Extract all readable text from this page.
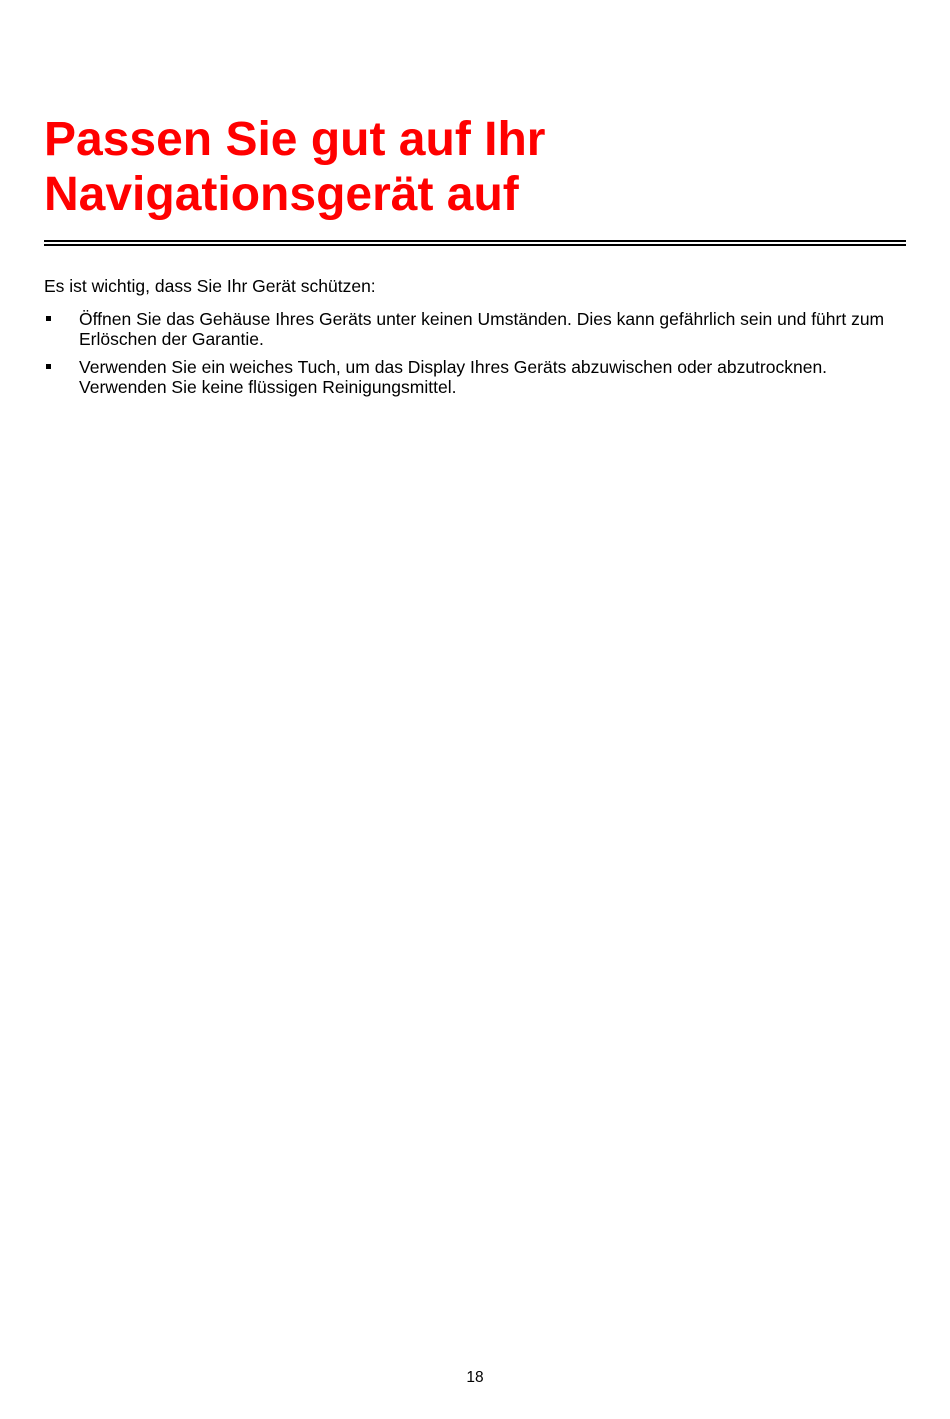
Passen Sie gut auf Ihr Navigationsgerät auf

Es ist wichtig, dass Sie Ihr Gerät schützen:

Öffnen Sie das Gehäuse Ihres Geräts unter keinen Umständen. Dies kann gefährlich sein und führt zum Erlöschen der Garantie.
Verwenden Sie ein weiches Tuch, um das Display Ihres Geräts abzuwischen oder abzutrocknen. Verwenden Sie keine flüssigen Reinigungsmittel.
18
